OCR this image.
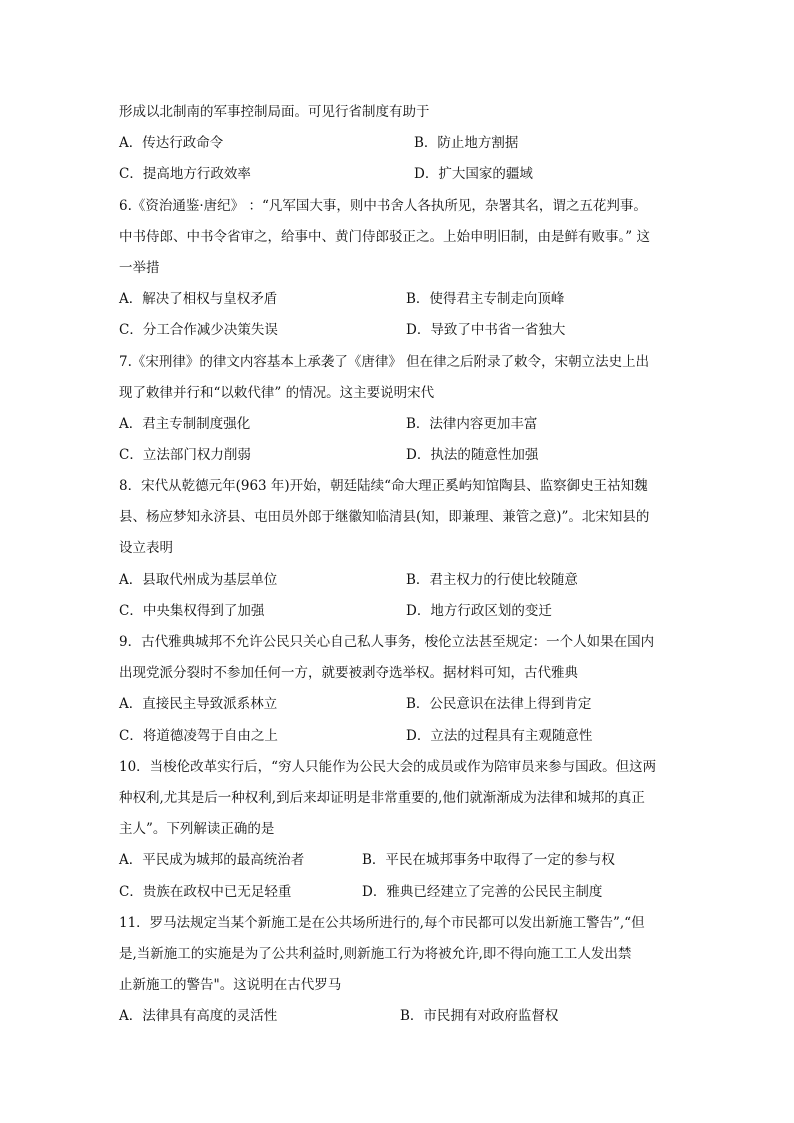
形成以北制南的军事控制局面。可见行省制度有助于
A．传达行政命令	B．防止地方割据
C．提高地方行政效率	D．扩大国家的疆域
6.《资治通鉴·唐纪》 ：“凡军国大事，则中书舍人各执所见，杂署其名，谓之五花判事。
中书侍郎、中书令省审之，给事中、黄门侍郎驳正之。上始申明旧制，由是鲜有败事。” 这
一举措
A．解决了相权与皇权矛盾	B．使得君主专制走向顶峰
C．分工合作减少决策失误	D．导致了中书省一省独大
7.《宋刑律》的律文内容基本上承袭了《唐律》 但在律之后附录了敕令，宋朝立法史上出
现了敕律并行和“以敕代律” 的情况。这主要说明宋代
A．君主专制制度强化	B．法律内容更加丰富
C．立法部门权力削弱	D．执法的随意性加强
8．宋代从乾德元年(963 年)开始，朝廷陆续“命大理正奚屿知馆陶县、监察御史王祜知魏
县、杨应梦知永济县、屯田员外郎于继徽知临清县(知，即兼理、兼管之意)”。北宋知县的
设立表明
A．县取代州成为基层单位	B．君主权力的行使比较随意
C．中央集权得到了加强	D．地方行政区划的变迁
9．古代雅典城邦不允许公民只关心自己私人事务，梭伦立法甚至规定：一个人如果在国内
出现党派分裂时不参加任何一方，就要被剥夺选举权。据材料可知，古代雅典
A．直接民主导致派系林立	B．公民意识在法律上得到肯定
C．将道德凌驾于自由之上	D．立法的过程具有主观随意性
10．当梭伦改革实行后，“穷人只能作为公民大会的成员或作为陪审员来参与国政。但这两
种权利,尤其是后一种权利,到后来却证明是非常重要的,他们就渐渐成为法律和城邦的真正
主人”。下列解读正确的是
A．平民成为城邦的最高统治者	B．平民在城邦事务中取得了一定的参与权
C．贵族在政权中已无足轻重	D．雅典已经建立了完善的公民民主制度
11．罗马法规定当某个新施工是在公共场所进行的,每个市民都可以发出新施工警告”,“但
是,当新施工的实施是为了公共利益时,则新施工行为将被允许,即不得向施工工人发出禁
止新施工的警告"。这说明在古代罗马
A．法律具有高度的灵活性	B．市民拥有对政府监督权
